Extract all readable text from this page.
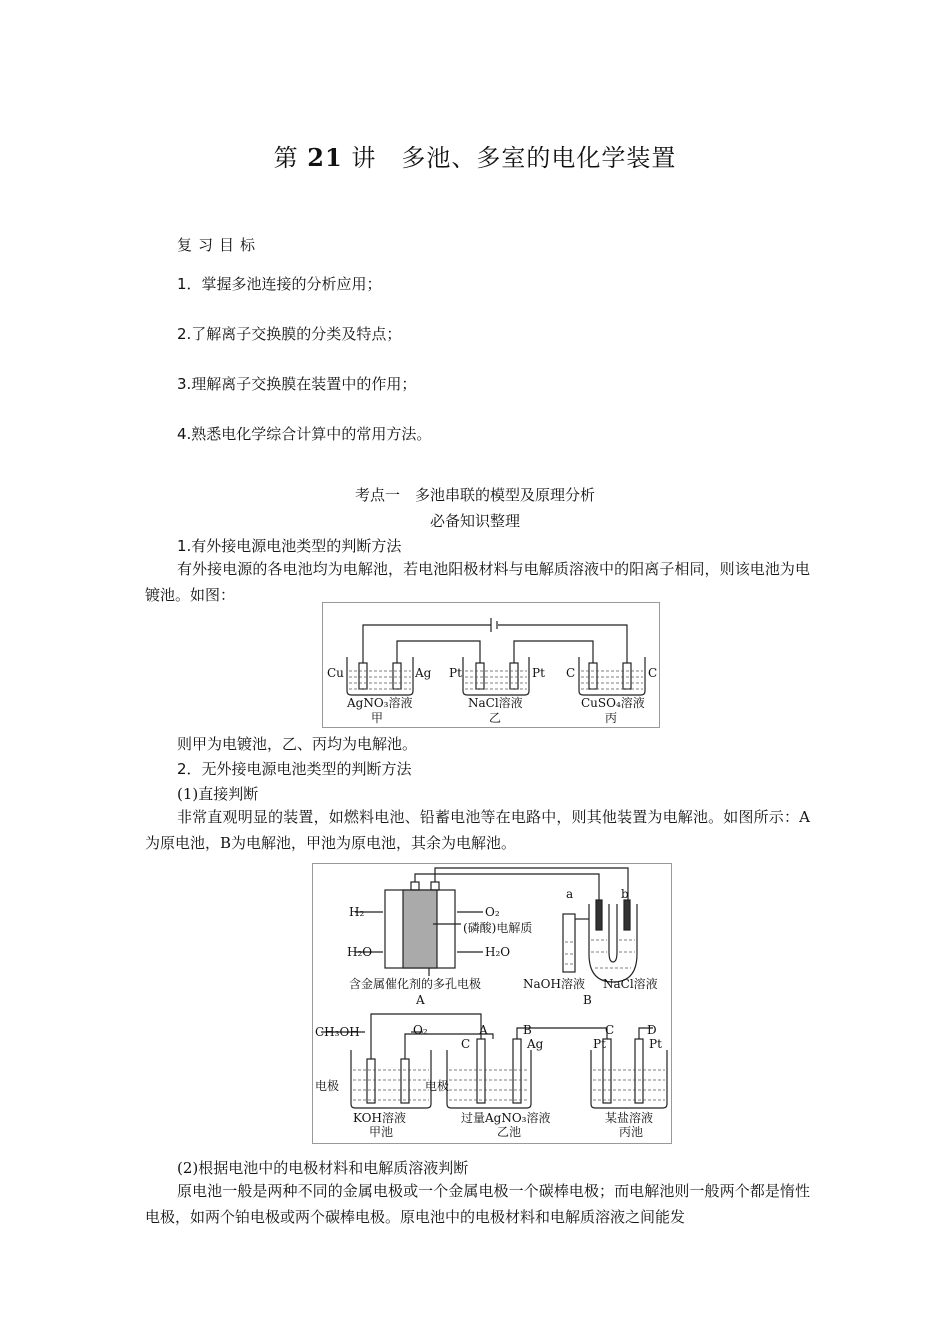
第 21 讲　多池、多室的电化学装置
复习目标
1．掌握多池连接的分析应用；
2.了解离子交换膜的分类及特点；
3.理解离子交换膜在装置中的作用；
4.熟悉电化学综合计算中的常用方法。
考点一　多池串联的模型及原理分析
必备知识整理
1.有外接电源电池类型的判断方法
有外接电源的各电池均为电解池，若电池阳极材料与电解质溶液中的阳离子相同，则该电池为电镀池。如图：
Cu	Ag Pt	Pt C	C
AgNO₃溶液	NaCl溶液	CuSO₄溶液
甲	乙	丙
则甲为电镀池，乙、丙均为电解池。
2．无外接电源电池类型的判断方法
(1)直接判断
非常直观明显的装置，如燃料电池、铅蓄电池等在电路中，则其他装置为电解池。如图所示：A为原电池，B为电解池，甲池为原电池，其余为电解池。
H₂	O₂
H₂O	H₂O
(磷酸)电解质
含金属催化剂的多孔电极
A
a	b
NaOH溶液 NaCl溶液
B
CH₃OH	O₂
电极	电极
KOH溶液
甲池
A	B
C	Ag
过量AgNO₃溶液
乙池
C	D
Pt	Pt
某盐溶液
丙池
(2)根据电池中的电极材料和电解质溶液判断
原电池一般是两种不同的金属电极或一个金属电极一个碳棒电极；而电解池则一般两个都是惰性电极，如两个铂电极或两个碳棒电极。原电池中的电极材料和电解质溶液之间能发
